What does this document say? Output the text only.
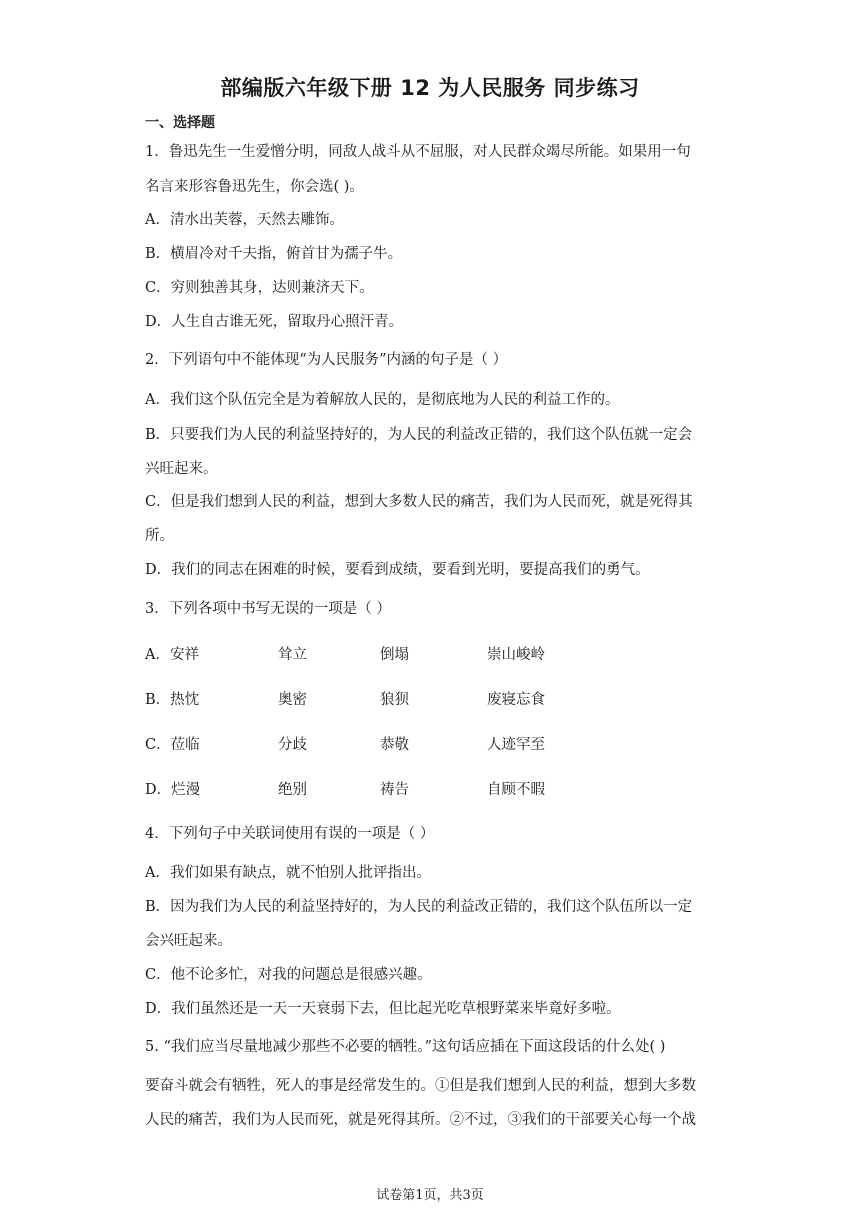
部编版六年级下册 12 为人民服务 同步练习
一、选择题
1．鲁迅先生一生爱憎分明，同敌人战斗从不屈服，对人民群众竭尽所能。如果用一句
名言来形容鲁迅先生，你会选( )。
A．清水出芙蓉，天然去雕饰。
B．横眉冷对千夫指，俯首甘为孺子牛。
C．穷则独善其身，达则兼济天下。
D．人生自古谁无死，留取丹心照汗青。
2．下列语句中不能体现“为人民服务”内涵的句子是（ ）
A．我们这个队伍完全是为着解放人民的，是彻底地为人民的利益工作的。
B．只要我们为人民的利益坚持好的，为人民的利益改正错的，我们这个队伍就一定会
兴旺起来。
C．但是我们想到人民的利益，想到大多数人民的痛苦，我们为人民而死，就是死得其
所。
D．我们的同志在困难的时候，要看到成绩，要看到光明，要提高我们的勇气。
3．下列各项中书写无误的一项是（ ）
A．安祥	耸立	倒塌	崇山峻岭
B．热忱	奥密	狼狈	废寝忘食
C．莅临	分歧	恭敬	人迹罕至
D．烂漫	绝别	祷告	自顾不暇
4．下列句子中关联词使用有误的一项是（ ）
A．我们如果有缺点，就不怕别人批评指出。
B．因为我们为人民的利益坚持好的，为人民的利益改正错的，我们这个队伍所以一定
会兴旺起来。
C．他不论多忙，对我的问题总是很感兴趣。
D．我们虽然还是一天一天衰弱下去，但比起光吃草根野菜来毕竟好多啦。
5. “我们应当尽量地减少那些不必要的牺牲。”这句话应插在下面这段话的什么处( )
要奋斗就会有牺牲，死人的事是经常发生的。①但是我们想到人民的利益，想到大多数
人民的痛苦，我们为人民而死，就是死得其所。②不过，③我们的干部要关心每一个战
试卷第1页，共3页
